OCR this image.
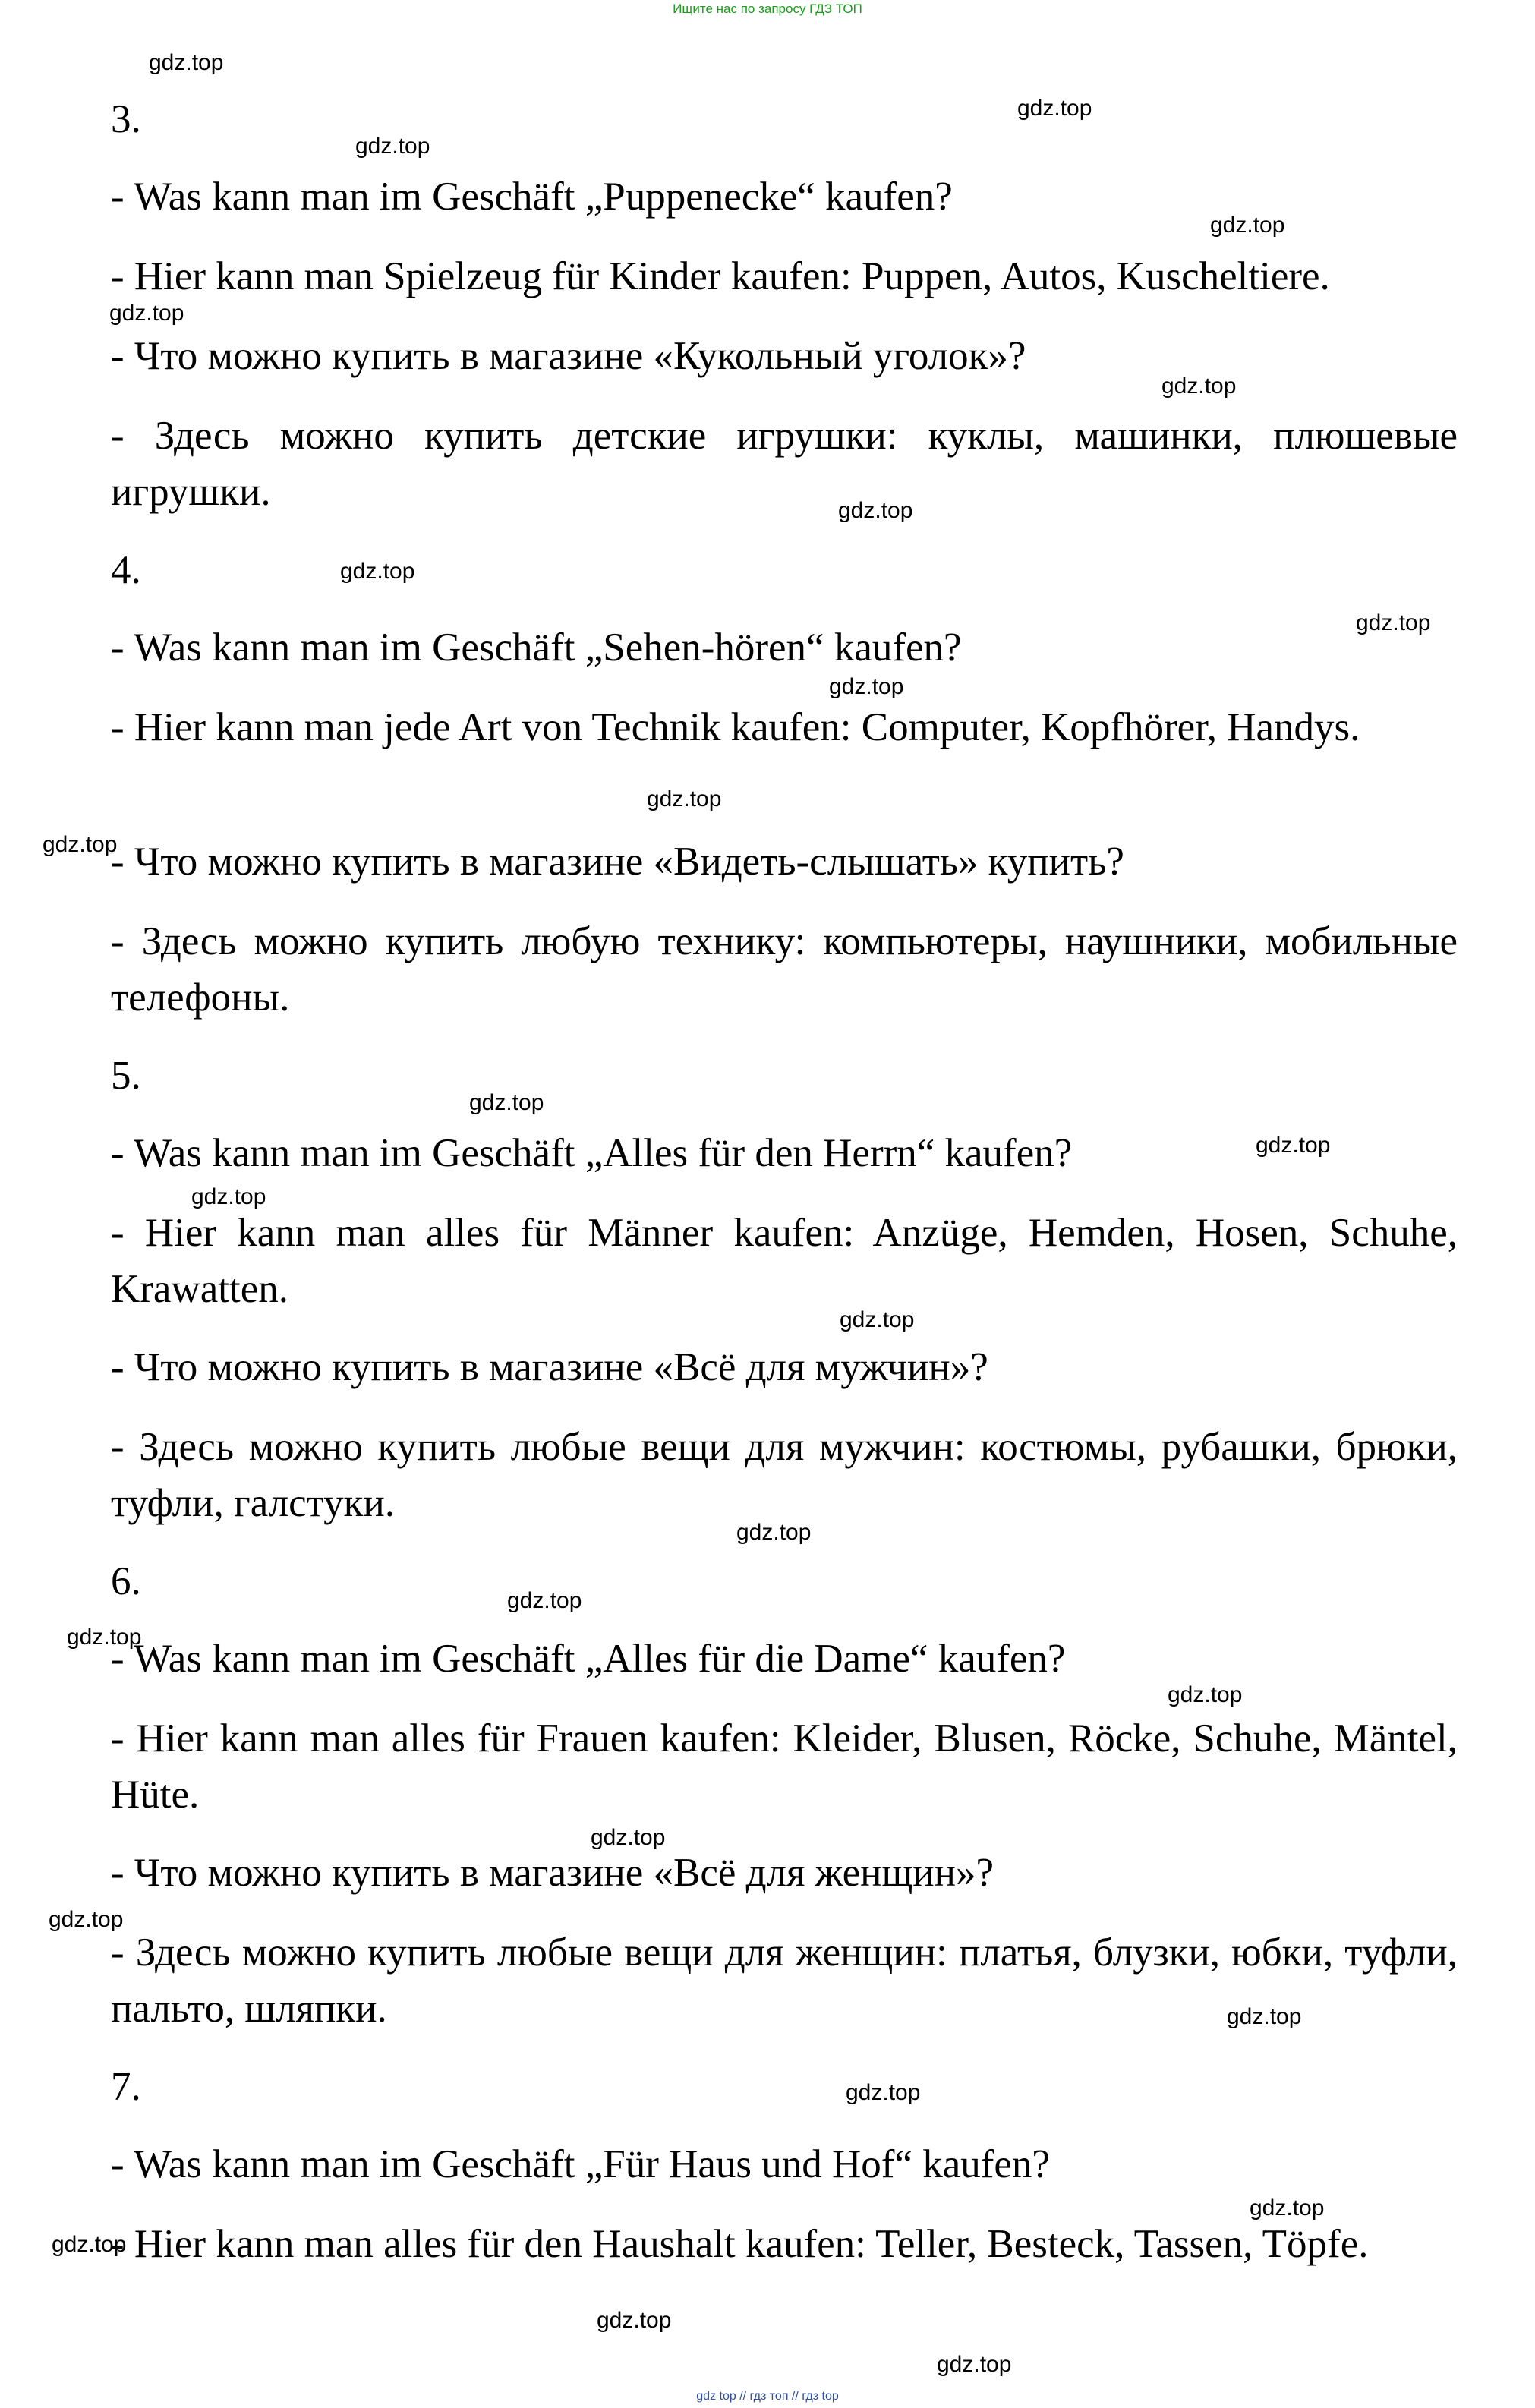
Ищите нас по запросу ГДЗ ТОП
3.
- Was kann man im Geschäft „Puppenecke“ kaufen?
- Hier kann man Spielzeug für Kinder kaufen: Puppen, Autos, Kuscheltiere.
- Что можно купить в магазине «Кукольный уголок»?
- Здесь можно купить детские игрушки: куклы, машинки, плюшевые игрушки.
4.
- Was kann man im Geschäft „Sehen-hören“ kaufen?
- Hier kann man jede Art von Technik kaufen: Computer, Kopfhörer, Handys.
- Что можно купить в магазине «Видеть-слышать» купить?
- Здесь можно купить любую технику: компьютеры, наушники, мобильные телефоны.
5.
- Was kann man im Geschäft „Alles für den Herrn“ kaufen?
- Hier kann man alles für Männer kaufen: Anzüge, Hemden, Hosen, Schuhe, Krawatten.
- Что можно купить в магазине «Всё для мужчин»?
- Здесь можно купить любые вещи для мужчин: костюмы, рубашки, брюки, туфли, галстуки.
6.
- Was kann man im Geschäft „Alles für die Dame“ kaufen?
- Hier kann man alles für Frauen kaufen: Kleider, Blusen, Röcke, Schuhe, Mäntel, Hüte.
- Что можно купить в магазине «Всё для женщин»?
- Здесь можно купить любые вещи для женщин: платья, блузки, юбки, туфли, пальто, шляпки.
7.
- Was kann man im Geschäft „Für Haus und Hof“ kaufen?
- Hier kann man alles für den Haushalt kaufen: Teller, Besteck, Tassen, Töpfe.
gdz.top
gdz.top
gdz.top
gdz.top
gdz.top
gdz.top
gdz.top
gdz.top
gdz.top
gdz.top
gdz.top
gdz.top
gdz.top
gdz.top
gdz.top
gdz.top
gdz.top
gdz.top
gdz.top
gdz.top
gdz.top
gdz.top
gdz.top
gdz.top
gdz.top
gdz.top
gdz.top
gdz.top
gdz top // гдз топ // гдз top
